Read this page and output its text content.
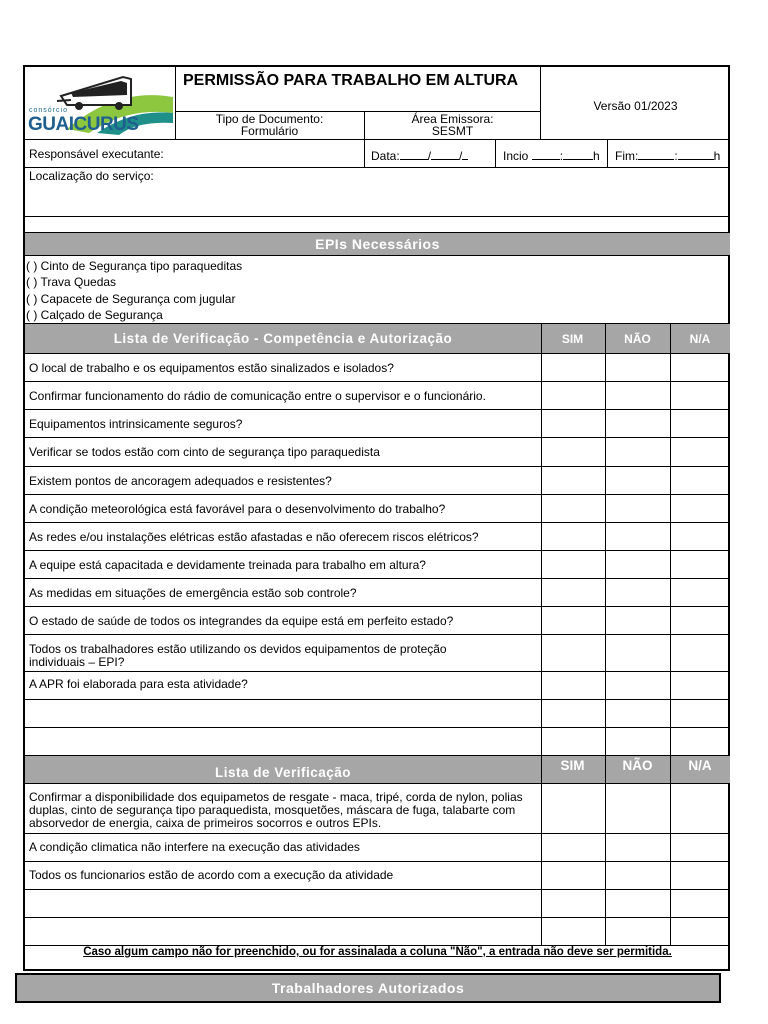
consórcio
GUAICURUS
PERMISSÃO PARA TRABALHO EM ALTURA
Tipo de Documento:
Formulário
Área Emissora:
SESMT
Versão 01/2023
Responsável executante:	Data: / /	Incio	:	h Fim:	:	h
Localização do serviço:
EPIs Necessários
( ) Cinto de Segurança tipo paraqueditas
( ) Trava Quedas
( ) Capacete de Segurança com jugular
( ) Calçado de Segurança
Lista de Verificação - Competência e Autorização	SIM	NÃO	N/A
O local de trabalho e os equipamentos estão sinalizados e isolados?
Confirmar funcionamento do rádio de comunicação entre o supervisor e o funcionário.
Equipamentos intrinsicamente seguros?
Verificar se todos estão com cinto de segurança tipo paraquedista
Existem pontos de ancoragem adequados e resistentes?
A condição meteorológica está favorável para o desenvolvimento do trabalho?
As redes e/ou instalações elétricas estão afastadas e não oferecem riscos elétricos?
A equipe está capacitada e devidamente treinada para trabalho em altura?
As medidas em situações de emergência estão sob controle?
O estado de saúde de todos os integrandes da equipe está em perfeito estado?
Todos os trabalhadores estão utilizando os devidos equipamentos de proteção individuais – EPI?
A APR foi elaborada para esta atividade?
Lista de Verificação	SIM	NÃO	N/A
Confirmar a disponibilidade dos equipametos de resgate - maca, tripé, corda de nylon, polias duplas, cinto de segurança tipo paraquedista, mosquetões, máscara de fuga, talabarte com absorvedor de energia, caixa de primeiros socorros e outros EPIs.
A condição climatica não interfere na execução das atividades
Todos os funcionarios estão de acordo com a execução da atividade
Caso algum campo não for preenchido, ou for assinalada a coluna "Não", a entrada não deve ser permitida.
Trabalhadores Autorizados
